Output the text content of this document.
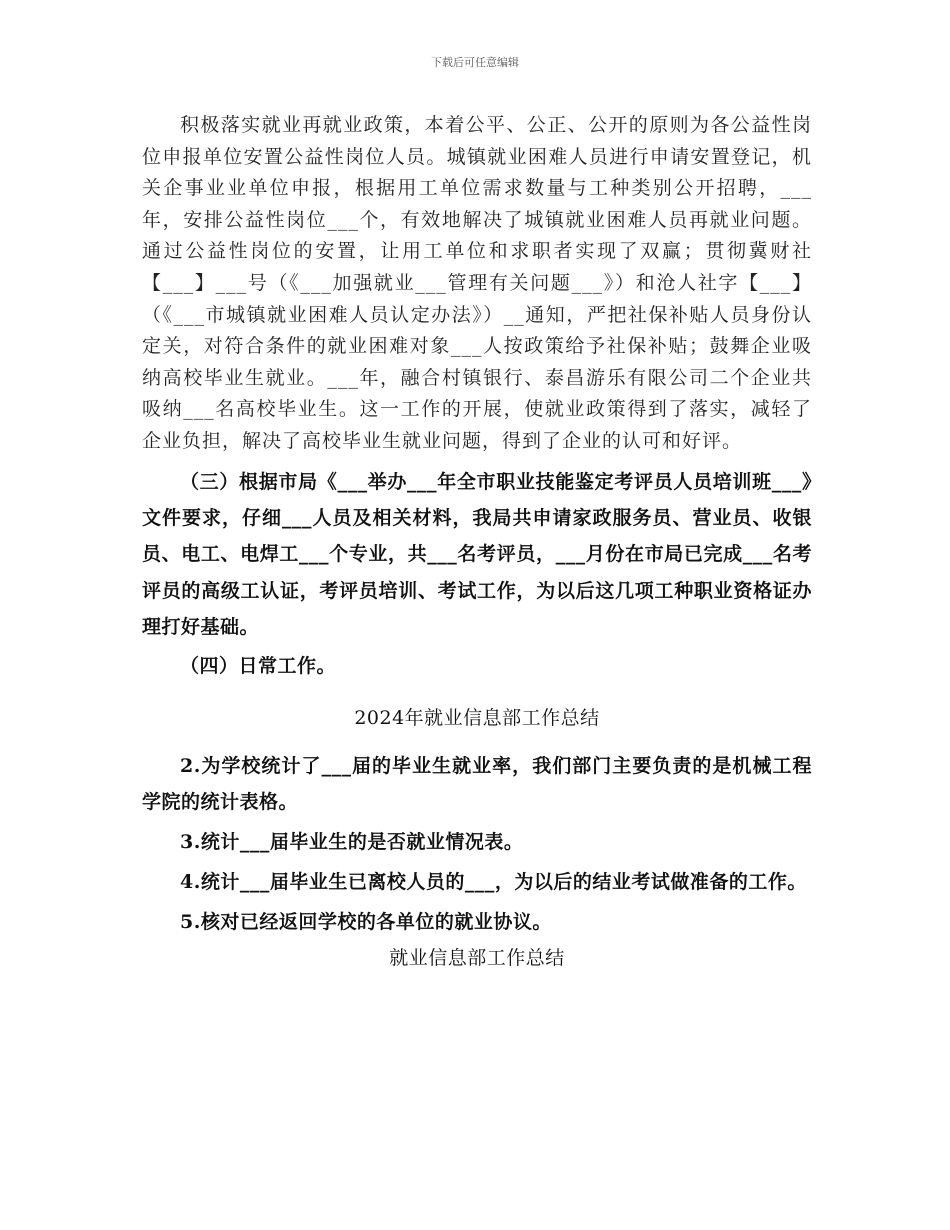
下载后可任意编辑

积极落实就业再就业政策，本着公平、公正、公开的原则为各公益性岗位申报单位安置公益性岗位人员。城镇就业困难人员进行申请安置登记，机关企事业业单位申报，根据用工单位需求数量与工种类别公开招聘，___年，安排公益性岗位___个，有效地解决了城镇就业困难人员再就业问题。通过公益性岗位的安置，让用工单位和求职者实现了双赢；贯彻冀财社【___】___号（《___加强就业___管理有关问题___》）和沧人社字【___】（《___市城镇就业困难人员认定办法》）__通知，严把社保补贴人员身份认定关，对符合条件的就业困难对象___人按政策给予社保补贴；鼓舞企业吸纳高校毕业生就业。___年，融合村镇银行、泰昌游乐有限公司二个企业共吸纳___名高校毕业生。这一工作的开展，使就业政策得到了落实，减轻了企业负担，解决了高校毕业生就业问题，得到了企业的认可和好评。

（三）根据市局《___举办___年全市职业技能鉴定考评员人员培训班___》文件要求，仔细___人员及相关材料，我局共申请家政服务员、营业员、收银员、电工、电焊工___个专业，共___名考评员，___月份在市局已完成___名考评员的高级工认证，考评员培训、考试工作，为以后这几项工种职业资格证办理打好基础。

（四）日常工作。

2024年就业信息部工作总结

2.为学校统计了___届的毕业生就业率，我们部门主要负责的是机械工程学院的统计表格。

3.统计___届毕业生的是否就业情况表。

4.统计___届毕业生已离校人员的___，为以后的结业考试做准备的工作。

5.核对已经返回学校的各单位的就业协议。

就业信息部工作总结
